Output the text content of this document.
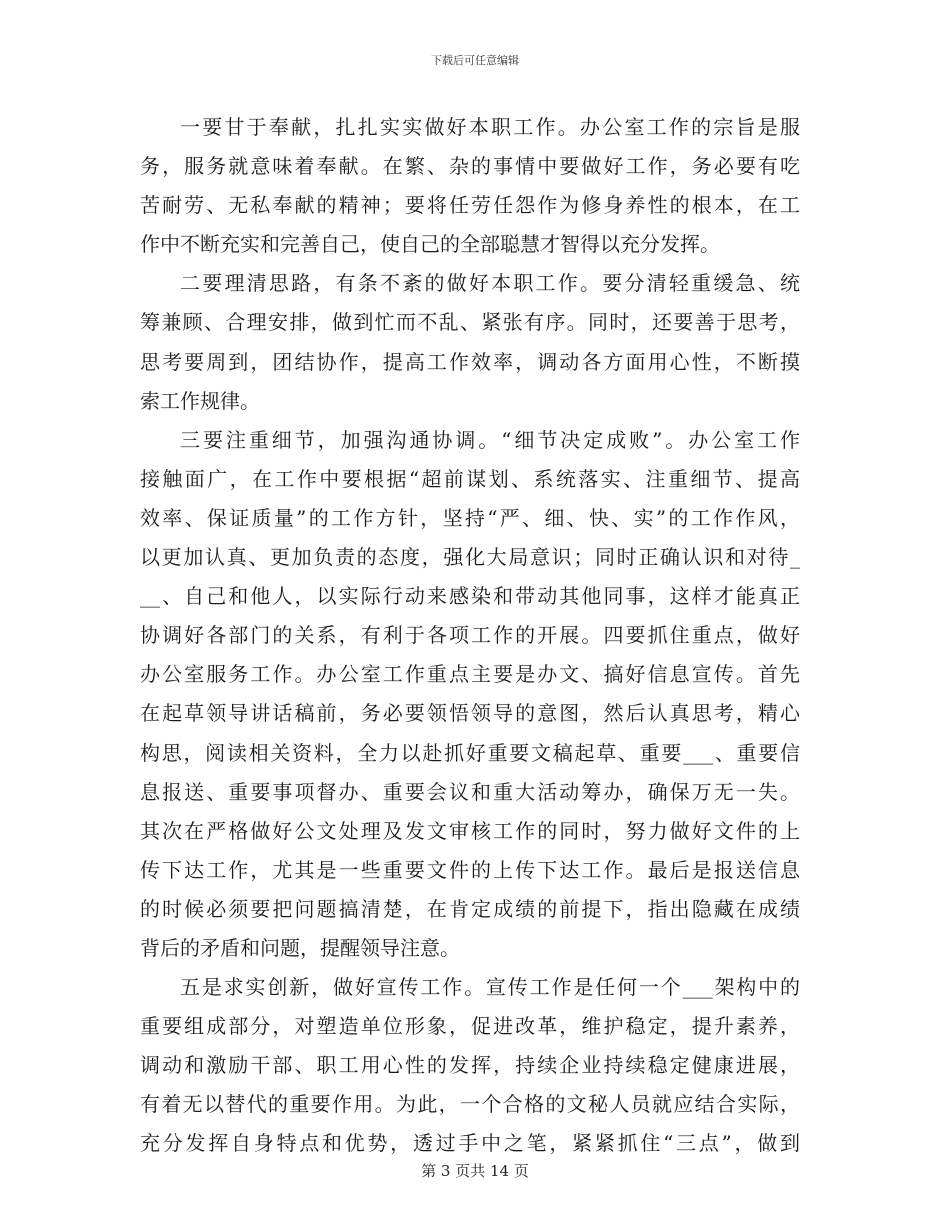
下载后可任意编辑
一要甘于奉献，扎扎实实做好本职工作。办公室工作的宗旨是服
务，服务就意味着奉献。在繁、杂的事情中要做好工作，务必要有吃
苦耐劳、无私奉献的精神；要将任劳任怨作为修身养性的根本，在工
作中不断充实和完善自己，使自己的全部聪慧才智得以充分发挥。
二要理清思路，有条不紊的做好本职工作。要分清轻重缓急、统
筹兼顾、合理安排，做到忙而不乱、紧张有序。同时，还要善于思考，
思考要周到，团结协作，提高工作效率，调动各方面用心性，不断摸
索工作规律。
三要注重细节，加强沟通协调。“细节决定成败”。办公室工作
接触面广，在工作中要根据“超前谋划、系统落实、注重细节、提高
效率、保证质量”的工作方针，坚持“严、细、快、实”的工作作风，
以更加认真、更加负责的态度，强化大局意识；同时正确认识和对待_
__、自己和他人，以实际行动来感染和带动其他同事，这样才能真正
协调好各部门的关系，有利于各项工作的开展。四要抓住重点，做好
办公室服务工作。办公室工作重点主要是办文、搞好信息宣传。首先
在起草领导讲话稿前，务必要领悟领导的意图，然后认真思考，精心
构思，阅读相关资料，全力以赴抓好重要文稿起草、重要___、重要信
息报送、重要事项督办、重要会议和重大活动筹办，确保万无一失。
其次在严格做好公文处理及发文审核工作的同时，努力做好文件的上
传下达工作，尤其是一些重要文件的上传下达工作。最后是报送信息
的时候必须要把问题搞清楚，在肯定成绩的前提下，指出隐藏在成绩
背后的矛盾和问题，提醒领导注意。
五是求实创新，做好宣传工作。宣传工作是任何一个___架构中的
重要组成部分，对塑造单位形象，促进改革，维护稳定，提升素养，
调动和激励干部、职工用心性的发挥，持续企业持续稳定健康进展，
有着无以替代的重要作用。为此，一个合格的文秘人员就应结合实际，
充分发挥自身特点和优势，透过手中之笔，紧紧抓住“三点”，做到
第 3 页共 14 页
